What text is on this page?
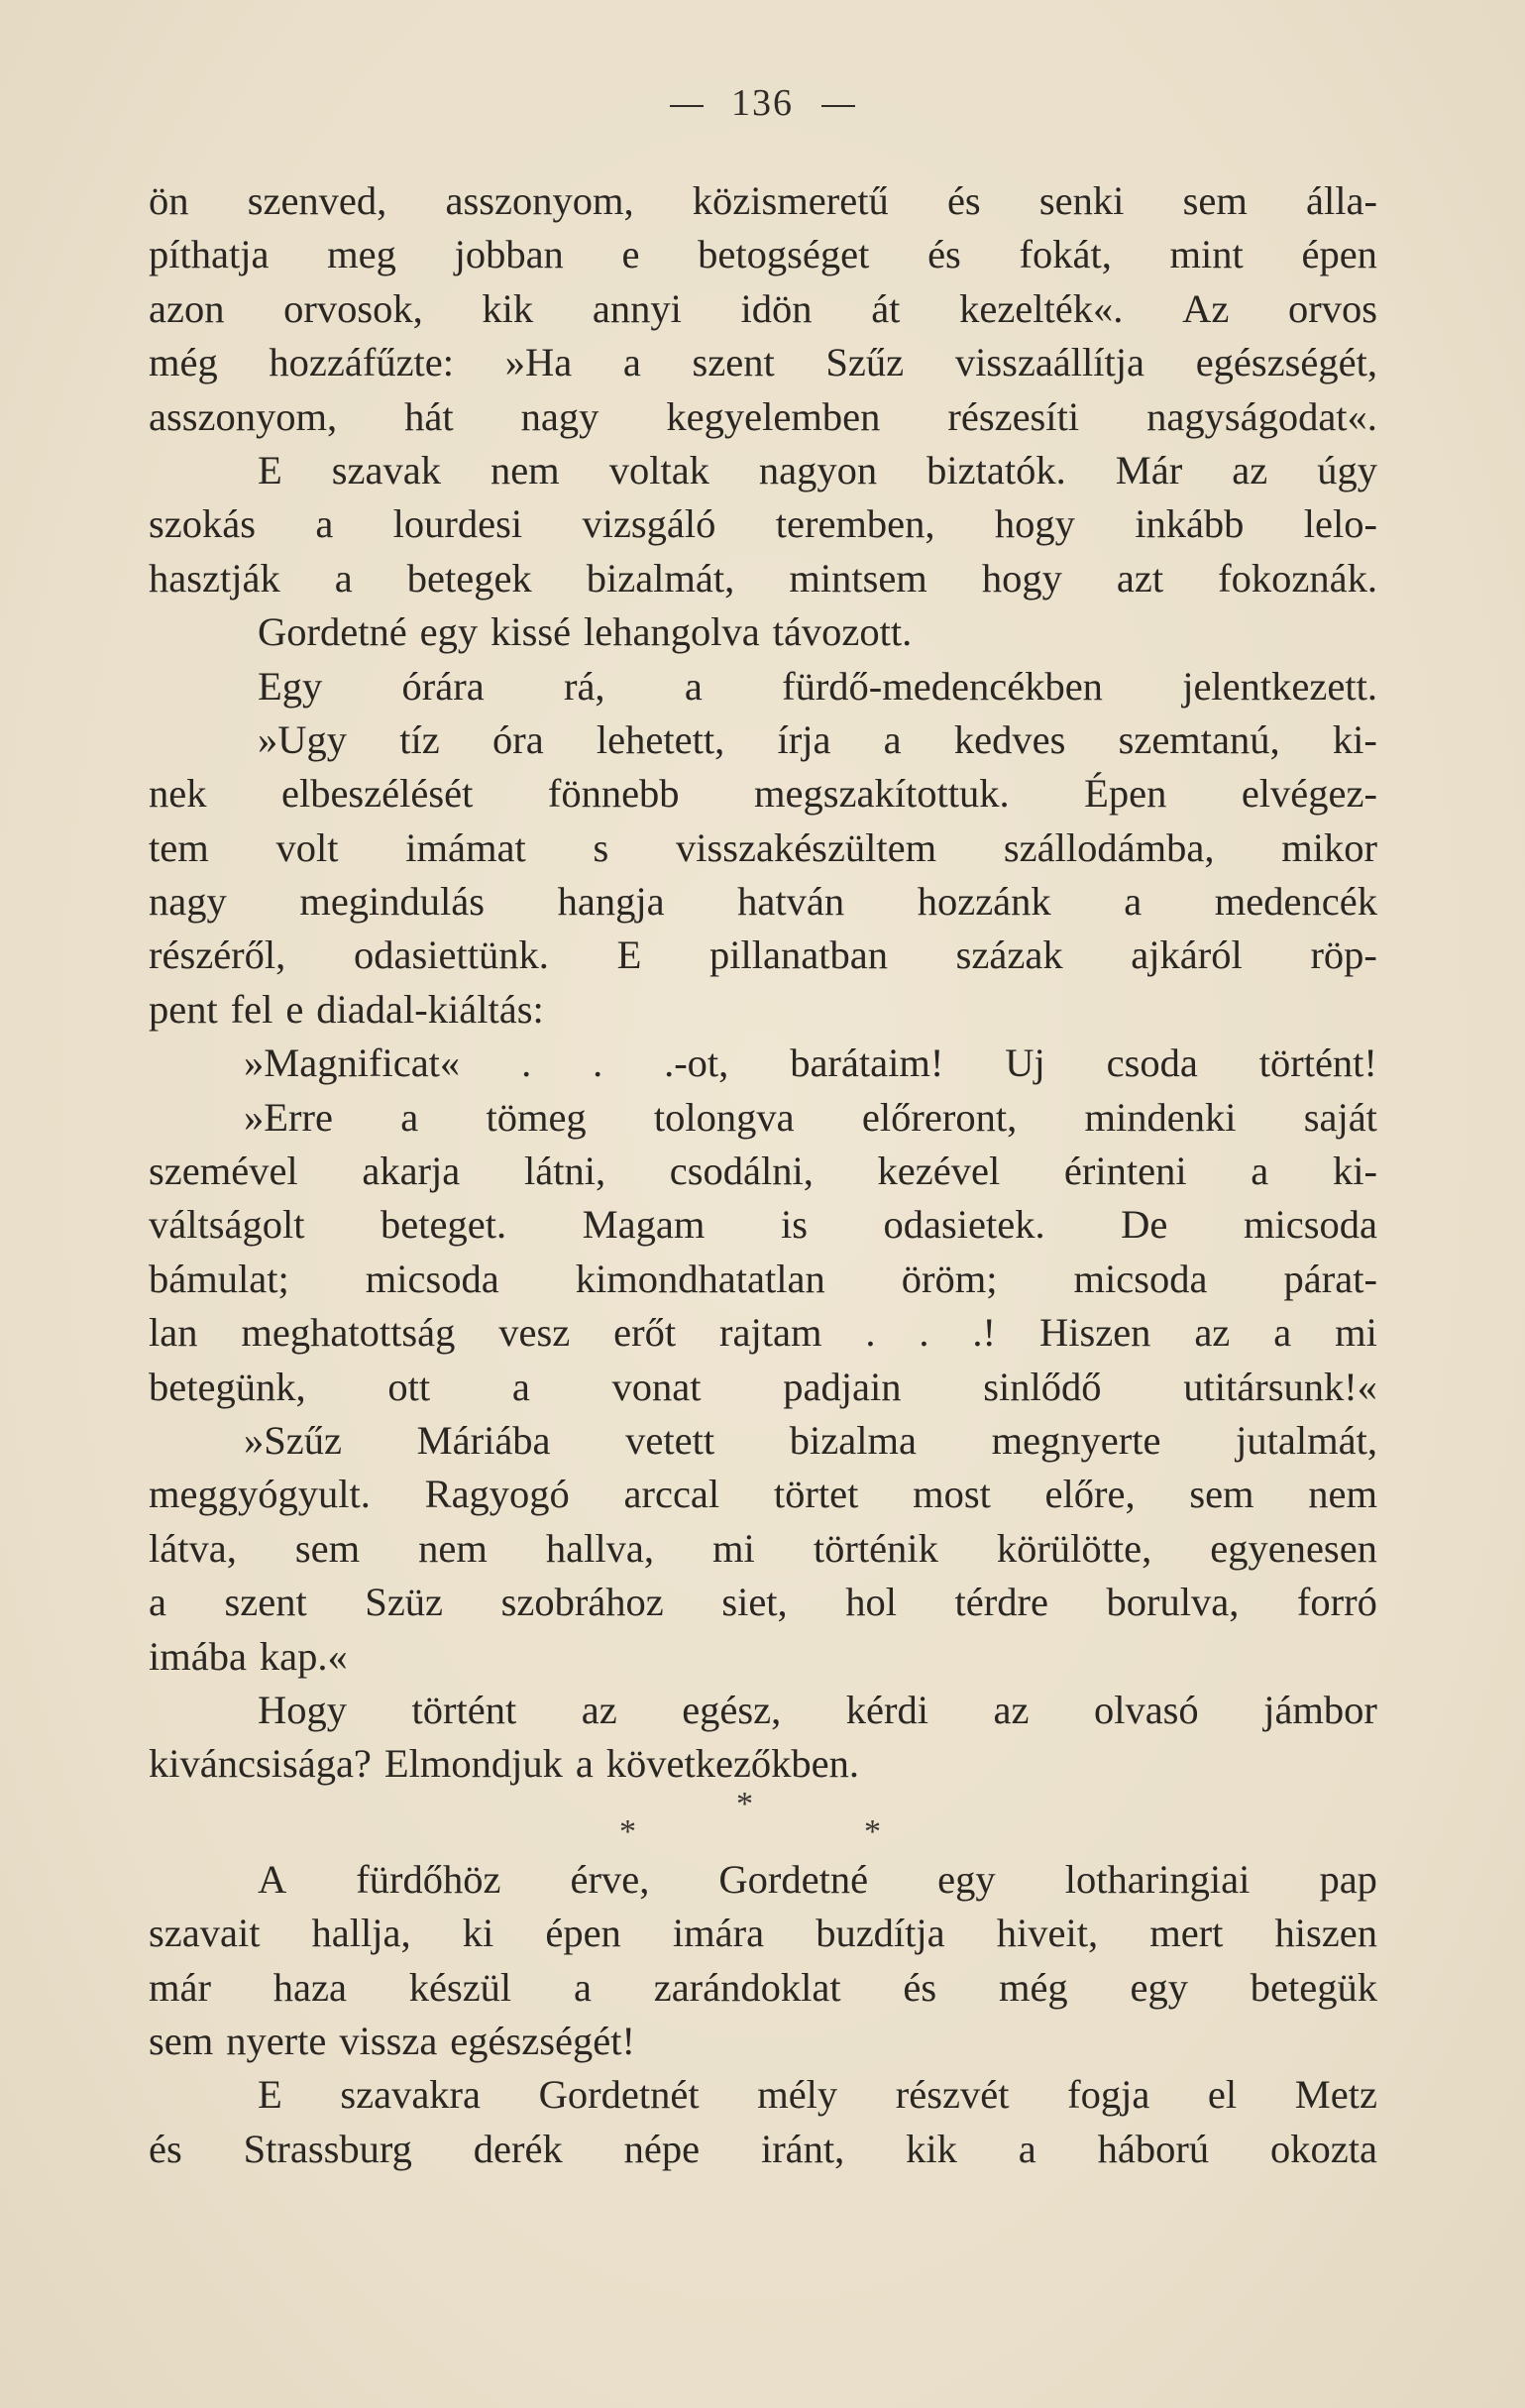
136
ön szenved, asszonyom, közismeretű és senki sem álla-
píthatja meg jobban e betogséget és fokát, mint épen
azon orvosok, kik annyi idön át kezelték«. Az orvos
még hozzáfűzte: »Ha a szent Szűz visszaállítja egészségét,
asszonyom, hát nagy kegyelemben részesíti nagyságodat«.
E szavak nem voltak nagyon biztatók. Már az úgy
szokás a lourdesi vizsgáló teremben, hogy inkább lelo-
hasztják a betegek bizalmát, mintsem hogy azt fokoznák.
Gordetné egy kissé lehangolva távozott.
Egy órára rá, a fürdő-medencékben jelentkezett.
»Ugy tíz óra lehetett, írja a kedves szemtanú, ki-
nek elbeszélését fönnebb megszakítottuk. Épen elvégez-
tem volt imámat s visszakészültem szállodámba, mikor
nagy megindulás hangja hatván hozzánk a medencék
részéről, odasiettünk. E pillanatban százak ajkáról röp-
pent fel e diadal-kiáltás:
»Magnificat« . . .-ot, barátaim! Uj csoda történt!
»Erre a tömeg tolongva előreront, mindenki saját
szemével akarja látni, csodálni, kezével érinteni a ki-
váltságolt beteget. Magam is odasietek. De micsoda
bámulat; micsoda kimondhatatlan öröm; micsoda párat-
lan meghatottság vesz erőt rajtam . . .! Hiszen az a mi
betegünk, ott a vonat padjain sinlődő utitársunk!«
»Szűz Máriába vetett bizalma megnyerte jutalmát,
meggyógyult. Ragyogó arccal törtet most előre, sem nem
látva, sem nem hallva, mi történik körülötte, egyenesen
a szent Szüz szobrához siet, hol térdre borulva, forró
imába kap.«
Hogy történt az egész, kérdi az olvasó jámbor
kiváncsisága? Elmondjuk a következőkben.
*
*	*
A fürdőhöz érve, Gordetné egy lotharingiai pap
szavait hallja, ki épen imára buzdítja hiveit, mert hiszen
már haza készül a zarándoklat és még egy betegük
sem nyerte vissza egészségét!
E szavakra Gordetnét mély részvét fogja el Metz
és Strassburg derék népe iránt, kik a háború okozta
